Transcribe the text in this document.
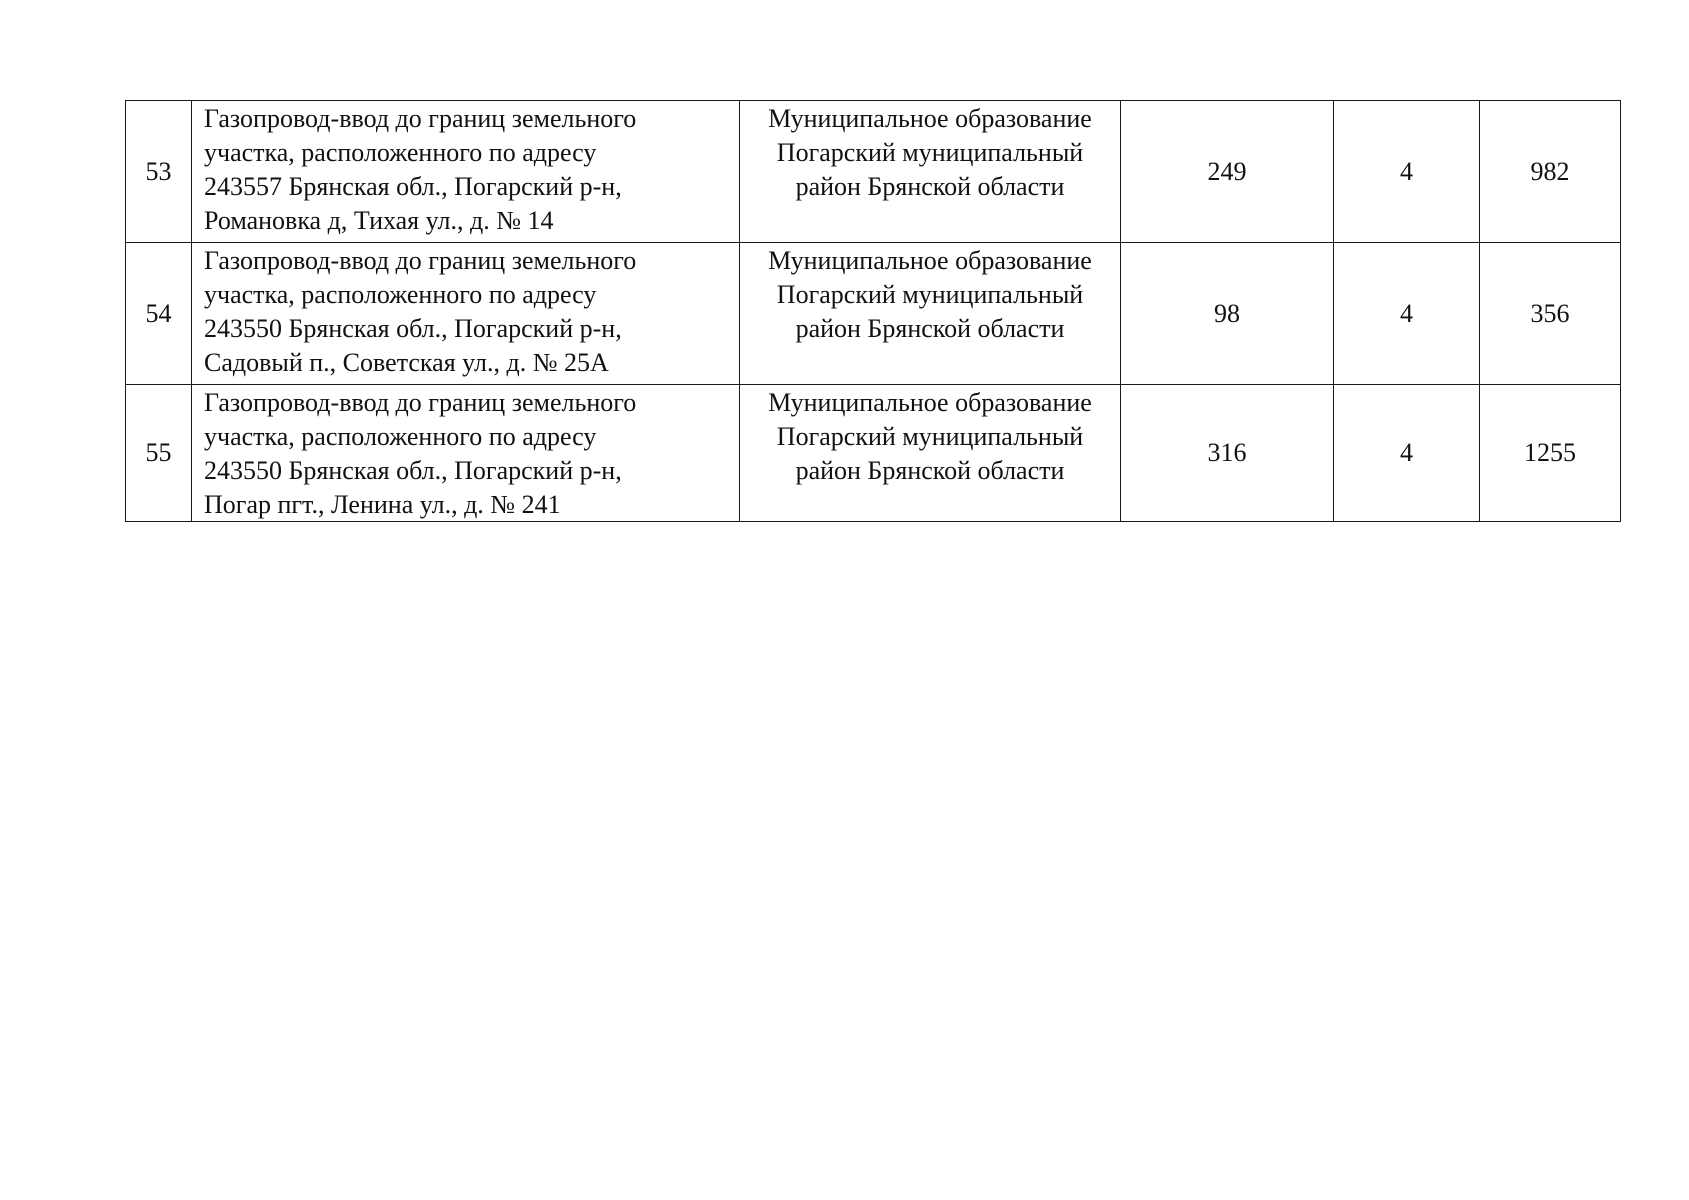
53	Газопровод-ввод до границ земельного
участка, расположенного по адресу
243557 Брянская обл., Погарский р-н,
Романовка д, Тихая ул., д. № 14	Муниципальное образование
Погарский муниципальный
район Брянской области	249	4	982
54	Газопровод-ввод до границ земельного
участка, расположенного по адресу
243550 Брянская обл., Погарский р-н,
Садовый п., Советская ул., д. № 25А	Муниципальное образование
Погарский муниципальный
район Брянской области	98	4	356
55	Газопровод-ввод до границ земельного
участка, расположенного по адресу
243550 Брянская обл., Погарский р-н,
Погар пгт., Ленина ул., д. № 241	Муниципальное образование
Погарский муниципальный
район Брянской области	316	4	1255
